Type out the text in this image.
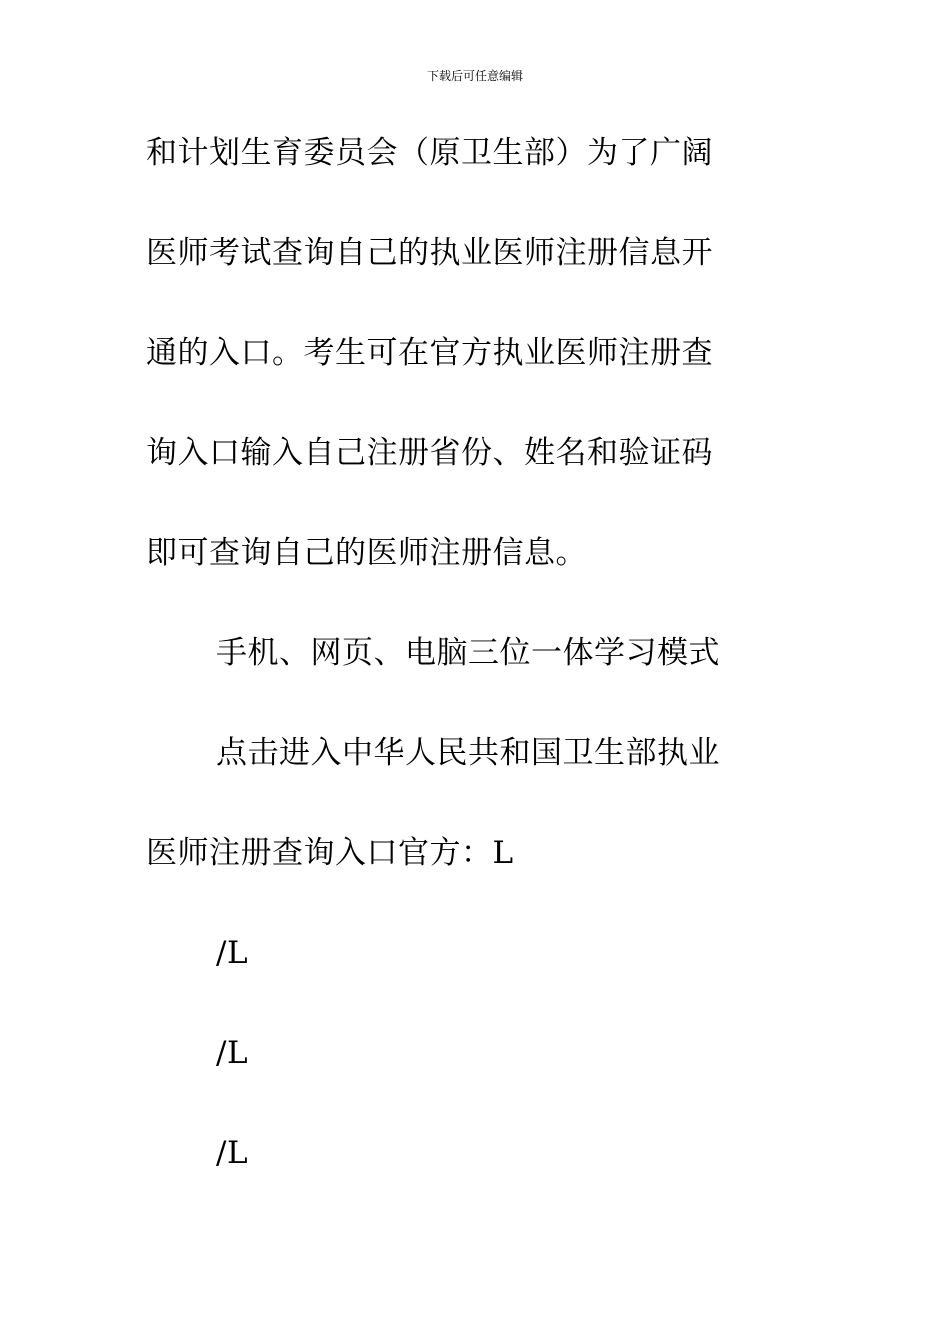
下载后可任意编辑
和计划生育委员会（原卫生部）为了广阔
医师考试查询自己的执业医师注册信息开
通的入口。考生可在官方执业医师注册查
询入口输入自己注册省份、姓名和验证码
即可查询自己的医师注册信息。
手机、网页、电脑三位一体学习模式
点击进入中华人民共和国卫生部执业
医师注册查询入口官方：L
/L
/L
/L
